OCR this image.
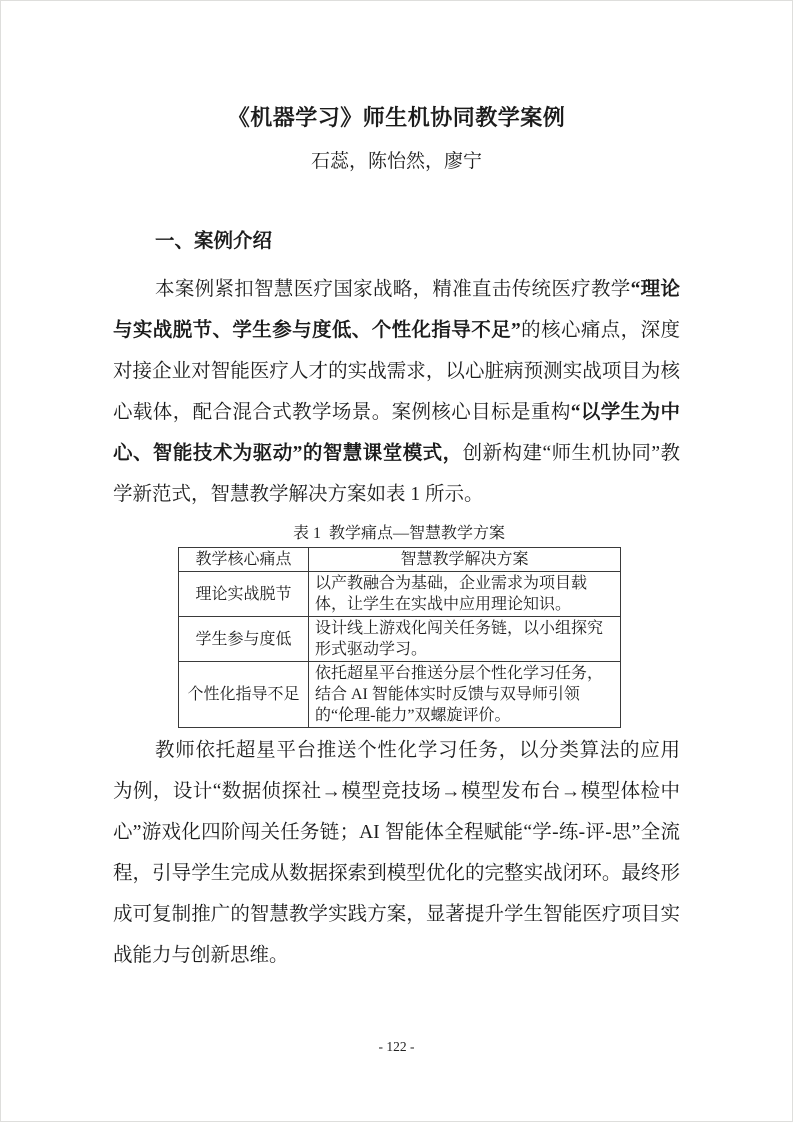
《机器学习》师生机协同教学案例
石蕊，陈怡然，廖宁
一、案例介绍

本案例紧扣智慧医疗国家战略，精准直击传统医疗教学“理论与实战脱节、学生参与度低、个性化指导不足”的核心痛点，深度对接企业对智能医疗人才的实战需求，以心脏病预测实战项目为核心载体，配合混合式教学场景。案例核心目标是重构“以学生为中心、智能技术为驱动”的智慧课堂模式，创新构建“师生机协同”教学新范式，智慧教学解决方案如表 1 所示。

表 1  教学痛点—智慧教学方案
教学核心痛点	智慧教学解决方案
理论实战脱节	以产教融合为基础，企业需求为项目载体，让学生在实战中应用理论知识。
学生参与度低	设计线上游戏化闯关任务链，以小组探究形式驱动学习。
个性化指导不足	依托超星平台推送分层个性化学习任务，结合 AI 智能体实时反馈与双导师引领的“伦理-能力”双螺旋评价。

教师依托超星平台推送个性化学习任务，以分类算法的应用为例，设计“数据侦探社→模型竞技场→模型发布台→模型体检中心”游戏化四阶闯关任务链；AI 智能体全程赋能“学-练-评-思”全流程，引导学生完成从数据探索到模型优化的完整实战闭环。最终形成可复制推广的智慧教学实践方案，显著提升学生智能医疗项目实战能力与创新思维。

- 122 -
